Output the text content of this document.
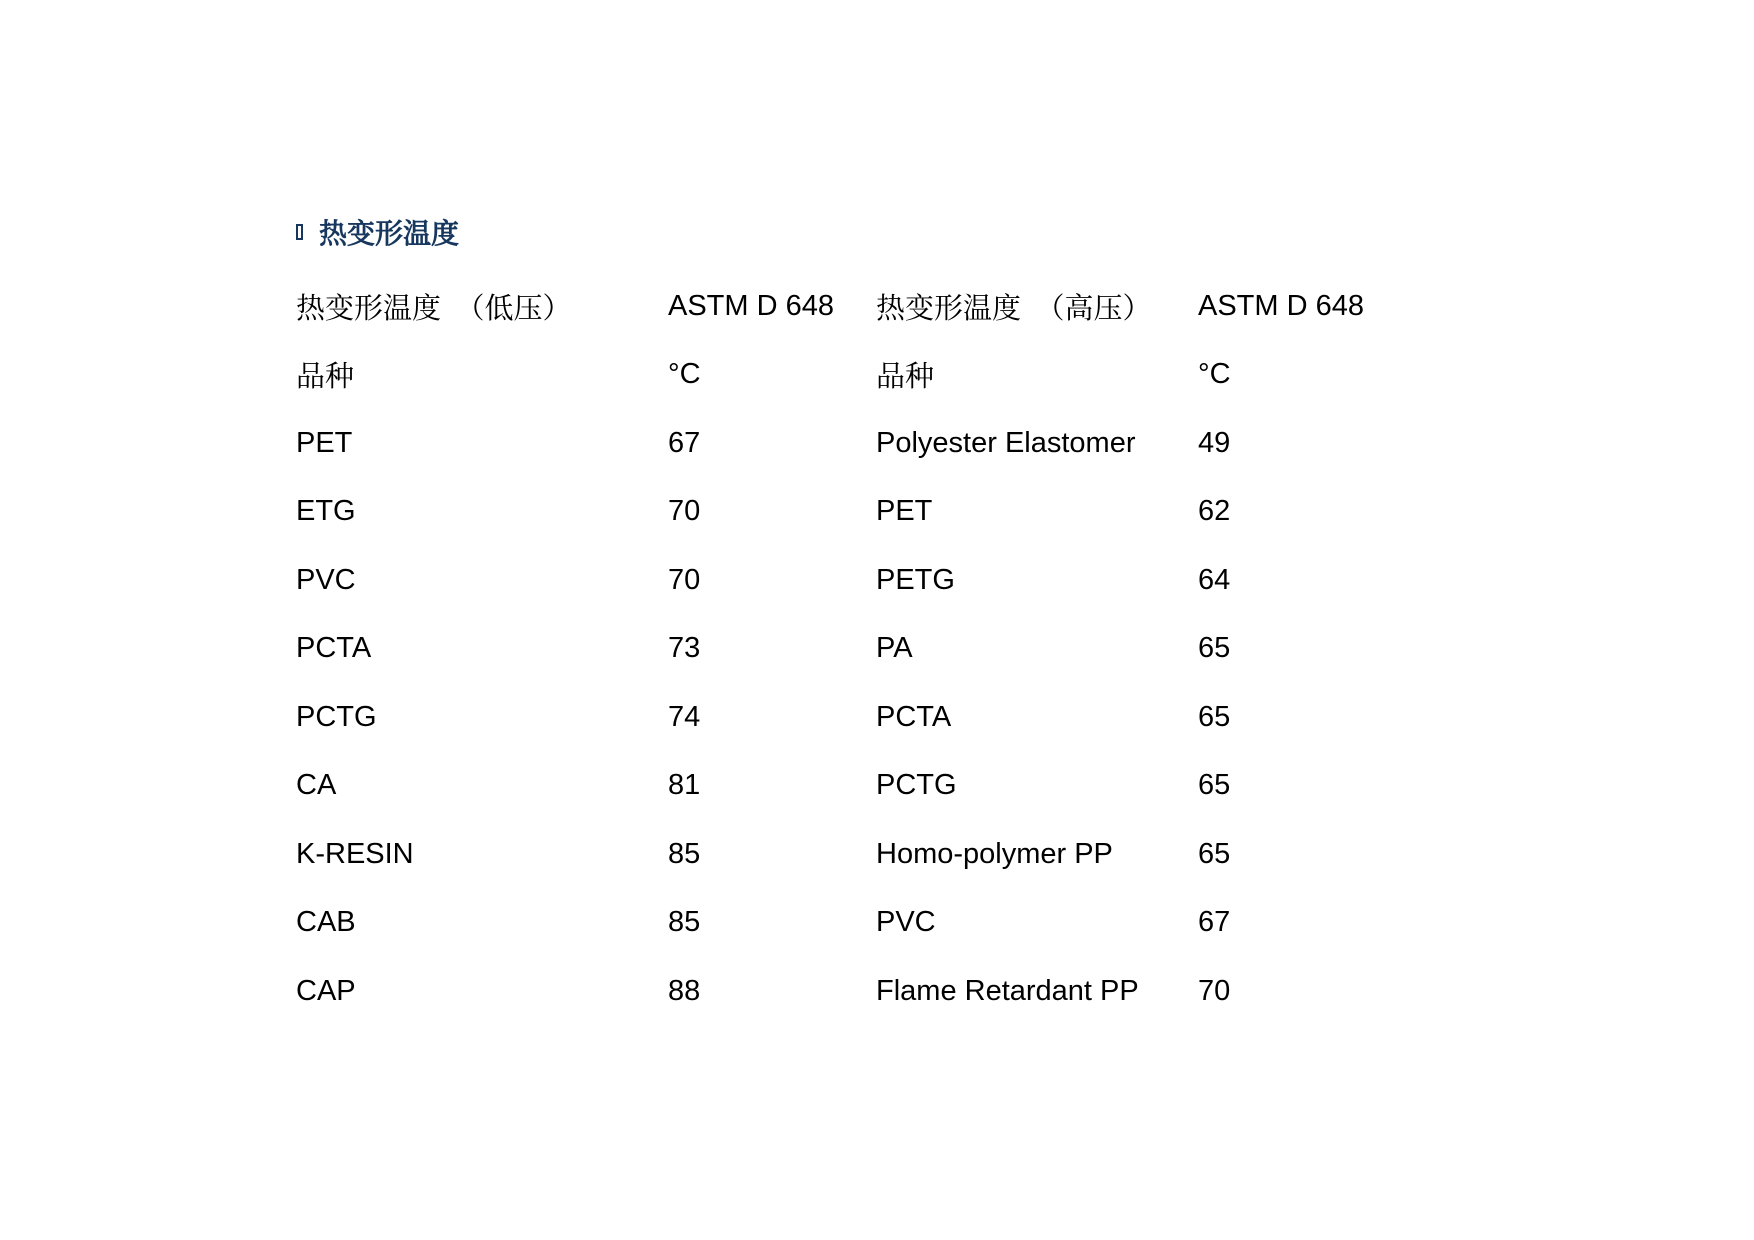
热变形温度
热变形温度　（低压）	ASTM D 648	热变形温度　（高压）	ASTM D 648
品种	°C	品种	°C
PET	67	Polyester Elastomer	49
ETG	70	PET	62
PVC	70	PETG	64
PCTA	73	PA	65
PCTG	74	PCTA	65
CA	81	PCTG	65
K-RESIN	85	Homo-polymer PP	65
CAB	85	PVC	67
CAP	88	Flame Retardant PP	70
